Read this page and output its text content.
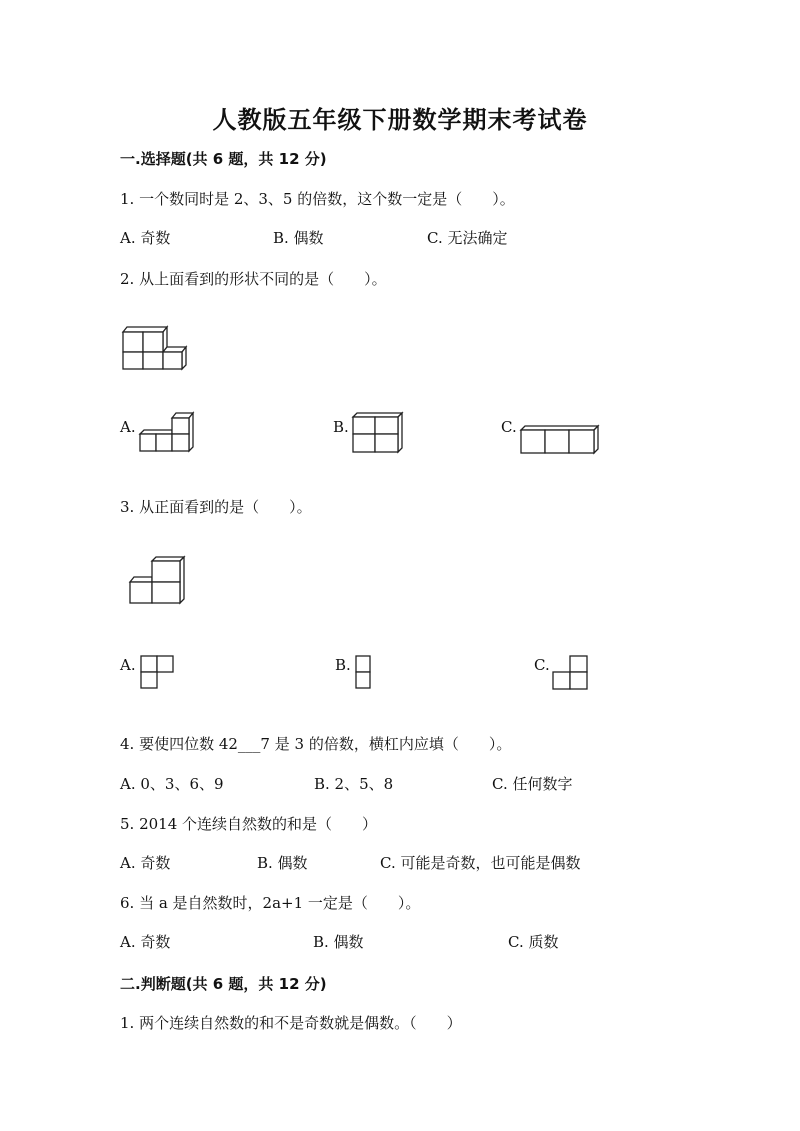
人教版五年级下册数学期末考试卷
一.选择题(共 6 题，共 12 分)
1. 一个数同时是 2、3、5 的倍数，这个数一定是（　　）。
A. 奇数	B. 偶数	C. 无法确定
2. 从上面看到的形状不同的是（　　）。
A.	B.	C.
3. 从正面看到的是（　　）。
A.	B.	C.
4. 要使四位数 42___7 是 3 的倍数，横杠内应填（　　）。
A. 0、3、6、9	B. 2、5、8	C. 任何数字
5. 2014 个连续自然数的和是（　　）
A. 奇数	B. 偶数	C. 可能是奇数，也可能是偶数
6. 当 a 是自然数时，2a+1 一定是（　　）。
A. 奇数	B. 偶数	C. 质数
二.判断题(共 6 题，共 12 分)
1. 两个连续自然数的和不是奇数就是偶数。（　　）
